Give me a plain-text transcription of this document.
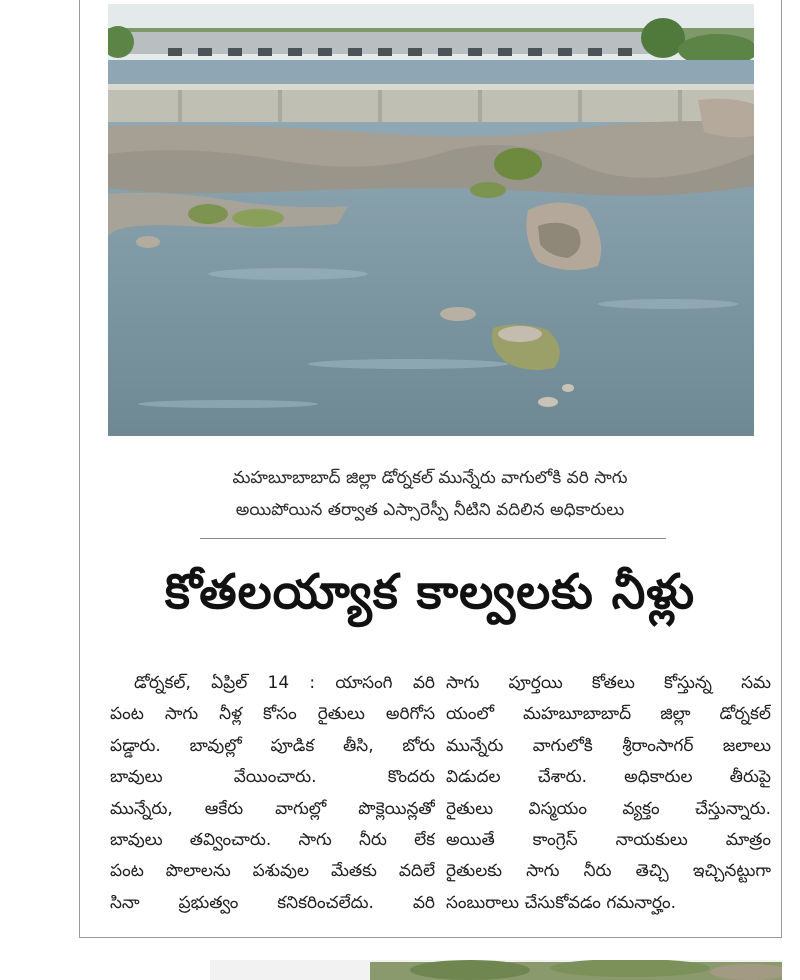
మహబూబాబాద్ జిల్లా డోర్నకల్ మున్నేరు వాగులోకి వరి సాగు
అయిపోయిన తర్వాత ఎస్సారెస్పీ నీటిని వదిలిన అధికారులు
కోతలయ్యాక కాల్వలకు నీళ్లు
డోర్నకల్, ఏప్రిల్ 14 : యాసంగి వరి
పంట సాగు నీళ్ల కోసం రైతులు అరిగోస
పడ్డారు. బావుల్లో పూడిక తీసి, బోరు
బావులు వేయించారు. కొందరు
మున్నేరు, ఆకేరు వాగుల్లో పొక్లెయిన్లతో
బావులు తవ్వించారు. సాగు నీరు లేక
పంట పొలాలను పశువుల మేతకు వదిలే
సినా ప్రభుత్వం కనికరించలేదు. వరి
సాగు పూర్తయి కోతలు కోస్తున్న సమ
యంలో మహబూబాబాద్ జిల్లా డోర్నకల్
మున్నేరు వాగులోకి శ్రీరాంసాగర్ జలాలు
విడుదల చేశారు. అధికారుల తీరుపై
రైతులు విస్మయం వ్యక్తం చేస్తున్నారు.
అయితే కాంగ్రెస్ నాయకులు మాత్రం
రైతులకు సాగు నీరు తెచ్చి ఇచ్చినట్టుగా
సంబురాలు చేసుకోవడం గమనార్హం.
